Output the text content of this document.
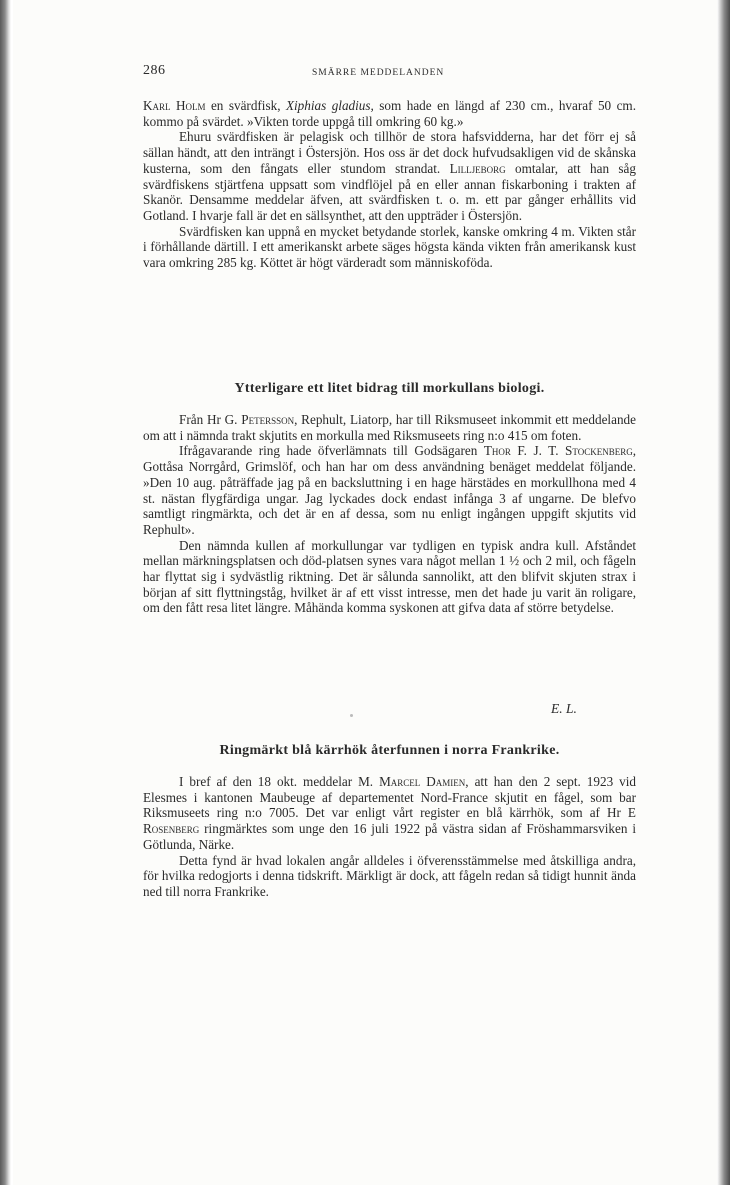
286	SMÄRRE MEDDELANDEN

Karl Holm en svärdfisk, Xiphias gladius, som hade en längd af 230 cm., hvaraf 50 cm. kommo på svärdet. »Vikten torde uppgå till omkring 60 kg.»

Ehuru svärdfisken är pelagisk och tillhör de stora hafsvidderna, har det förr ej så sällan händt, att den inträngt i Östersjön. Hos oss är det dock hufvudsakligen vid de skånska kusterna, som den fångats eller stundom strandat. Lilljeborg omtalar, att han såg svärdfiskens stjärtfena uppsatt som vindflöjel på en eller annan fiskarboning i trakten af Skanör. Densamme meddelar äfven, att svärdfisken t. o. m. ett par gånger erhållits vid Gotland. I hvarje fall är det en sällsynthet, att den uppträder i Östersjön.

Svärdfisken kan uppnå en mycket betydande storlek, kanske omkring 4 m. Vikten står i förhållande därtill. I ett amerikanskt arbete säges högsta kända vikten från amerikansk kust vara omkring 285 kg. Köttet är högt värderadt som människoföda.

Ytterligare ett litet bidrag till morkullans biologi.

Från Hr G. Petersson, Rephult, Liatorp, har till Riksmuseet inkommit ett meddelande om att i nämnda trakt skjutits en morkulla med Riksmuseets ring n:o 415 om foten.

Ifrågavarande ring hade öfverlämnats till Godsägaren Thor F. J. T. Stockenberg, Gottåsa Norrgård, Grimslöf, och han har om dess användning benäget meddelat följande. »Den 10 aug. påträffade jag på en backsluttning i en hage härstädes en morkullhona med 4 st. nästan flygfärdiga ungar. Jag lyckades dock endast infånga 3 af ungarne. De blefvo samtligt ringmärkta, och det är en af dessa, som nu enligt ingången uppgift skjutits vid Rephult».

Den nämnda kullen af morkullungar var tydligen en typisk andra kull. Afståndet mellan märkningsplatsen och död-platsen synes vara något mellan 1 ½ och 2 mil, och fågeln har flyttat sig i sydvästlig riktning. Det är sålunda sannolikt, att den blifvit skjuten strax i början af sitt flyttningståg, hvilket är af ett visst intresse, men det hade ju varit än roligare, om den fått resa litet längre. Måhända komma syskonen att gifva data af större betydelse.

E. L.
Ringmärkt blå kärrhök återfunnen i norra Frankrike.

I bref af den 18 okt. meddelar M. Marcel Damien, att han den 2 sept. 1923 vid Elesmes i kantonen Maubeuge af departementet Nord-France skjutit en fågel, som bar Riksmuseets ring n:o 7005. Det var enligt vårt register en blå kärrhök, som af Hr E Rosenberg ringmärktes som unge den 16 juli 1922 på västra sidan af Fröshammarsviken i Götlunda, Närke.

Detta fynd är hvad lokalen angår alldeles i öfverensstämmelse med åtskilliga andra, för hvilka redogjorts i denna tidskrift. Märkligt är dock, att fågeln redan så tidigt hunnit ända ned till norra Frankrike.
